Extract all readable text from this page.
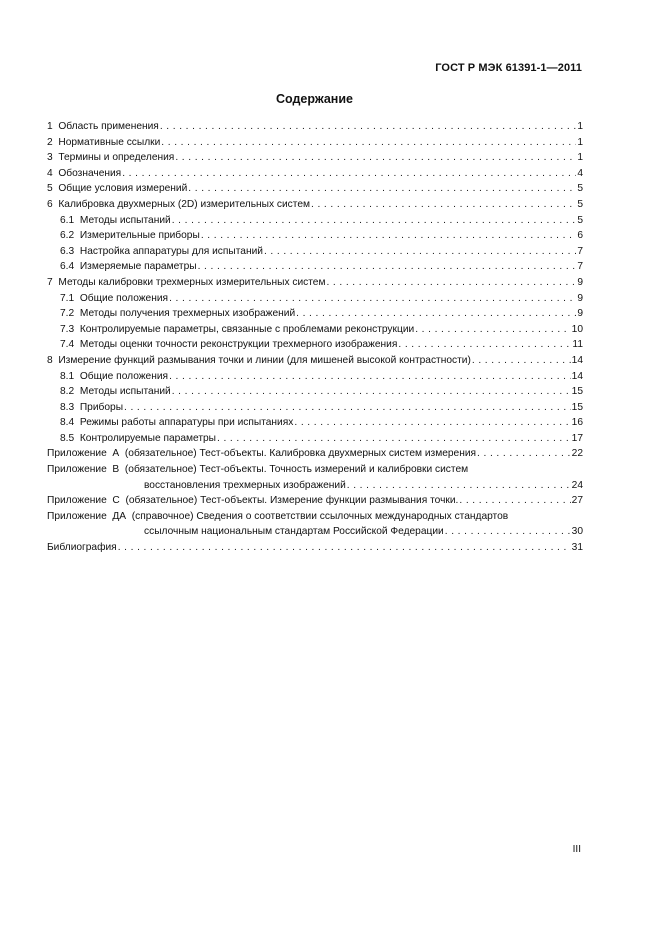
ГОСТ Р МЭК 61391-1—2011
Содержание
1 Область применения . . .	1
2 Нормативные ссылки . . .	1
3 Термины и определения . . .	1
4 Обозначения . . .	4
5 Общие условия измерений . . .	5
6 Калибровка двухмерных (2D) измерительных систем . . .	5
6.1 Методы испытаний . . .	5
6.2 Измерительные приборы . . .	6
6.3 Настройка аппаратуры для испытаний . . .	7
6.4 Измеряемые параметры . . .	7
7 Методы калибровки трехмерных измерительных систем . . .	9
7.1 Общие положения . . .	9
7.2 Методы получения трехмерных изображений . . .	9
7.3 Контролируемые параметры, связанные с проблемами реконструкции . . .	10
7.4 Методы оценки точности реконструкции трехмерного изображения . . .	11
8 Измерение функций размывания точки и линии (для мишеней высокой контрастности) . . .	14
8.1 Общие положения . . .	14
8.2 Методы испытаний . . .	15
8.3 Приборы . . .	15
8.4 Режимы работы аппаратуры при испытаниях . . .	16
8.5 Контролируемые параметры . . .	17
Приложение  А (обязательное) Тест-объекты. Калибровка двухмерных систем измерения . . .	22
Приложение  В (обязательное) Тест-объекты. Точность измерений и калибровки систем
восстановления трехмерных изображений . . .	24
Приложение  С (обязательное) Тест-объекты. Измерение функции размывания точки. . . .	27
Приложение  ДА (справочное) Сведения о соответствии ссылочных международных стандартов
ссылочным национальным стандартам Российской Федерации . . .	30
Библиография . . .	31
III
